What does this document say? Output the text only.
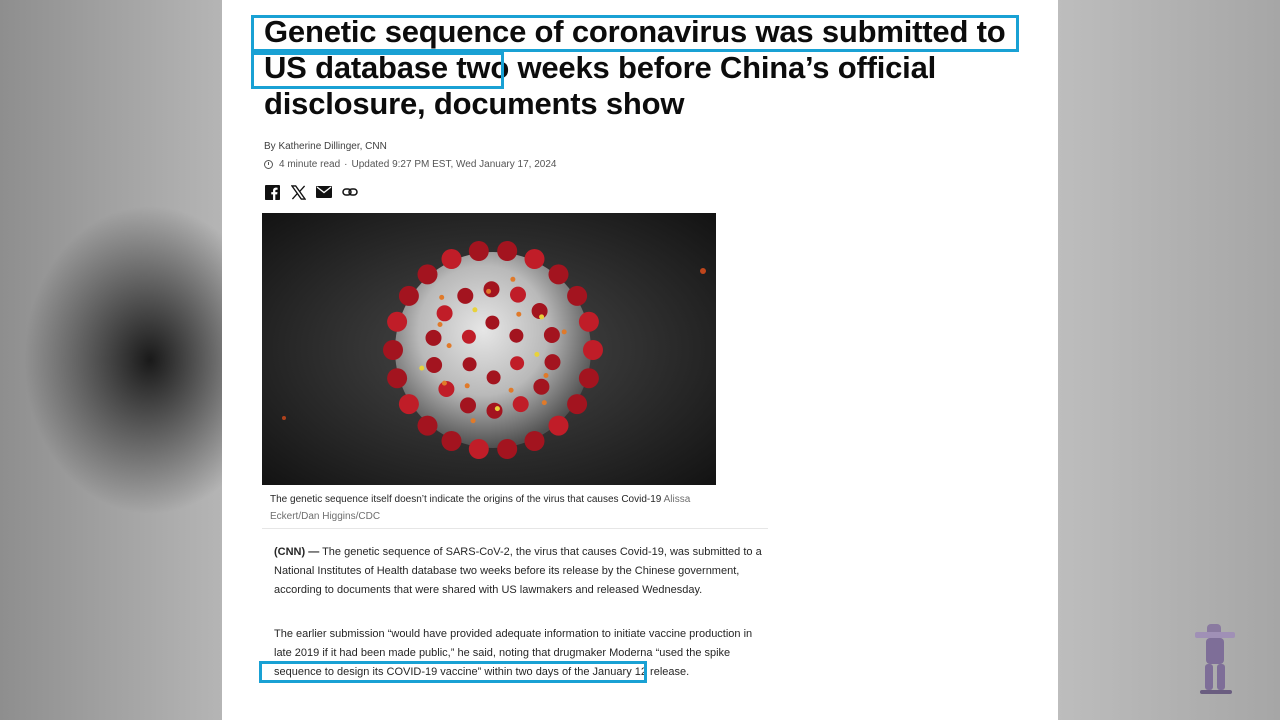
Genetic sequence of coronavirus was submitted to US database two weeks before China’s official disclosure, documents show
By Katherine Dillinger, CNN
4 minute read · Updated 9:27 PM EST, Wed January 17, 2024
The genetic sequence itself doesn’t indicate the origins of the virus that causes Covid-19 Alissa Eckert/Dan Higgins/CDC

(CNN) — The genetic sequence of SARS-CoV-2, the virus that causes Covid-19, was submitted to a National Institutes of Health database two weeks before its release by the Chinese government, according to documents that were shared with US lawmakers and released Wednesday.

The earlier submission “would have provided adequate information to initiate vaccine production in late 2019 if it had been made public,” he said, noting that drugmaker Moderna “used the spike sequence to design its COVID-19 vaccine” within two days of the January 12 release.
